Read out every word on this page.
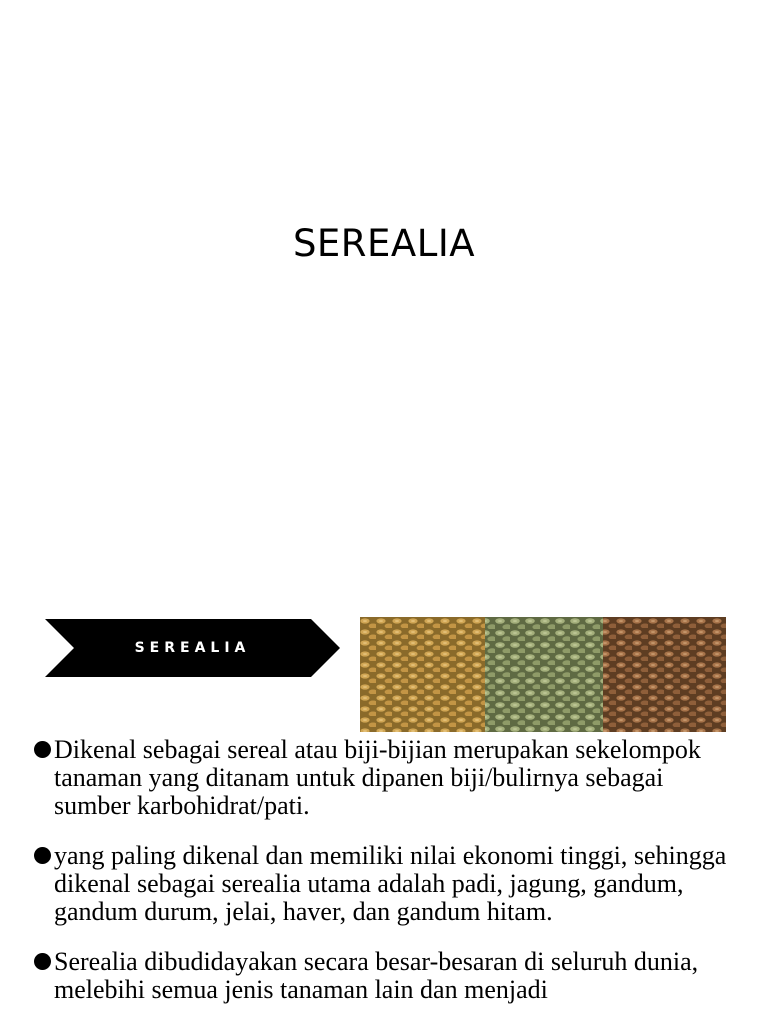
SEREALIA
SEREALIA
Dikenal sebagai sereal atau biji-bijian merupakan sekelompok tanaman yang ditanam untuk dipanen biji/bulirnya sebagai sumber karbohidrat/pati.
yang paling dikenal dan memiliki nilai ekonomi tinggi, sehingga dikenal sebagai serealia utama adalah padi, jagung, gandum, gandum durum, jelai, haver, dan gandum hitam.
Serealia dibudidayakan secara besar-besaran di seluruh dunia, melebihi semua jenis tanaman lain dan menjadi
